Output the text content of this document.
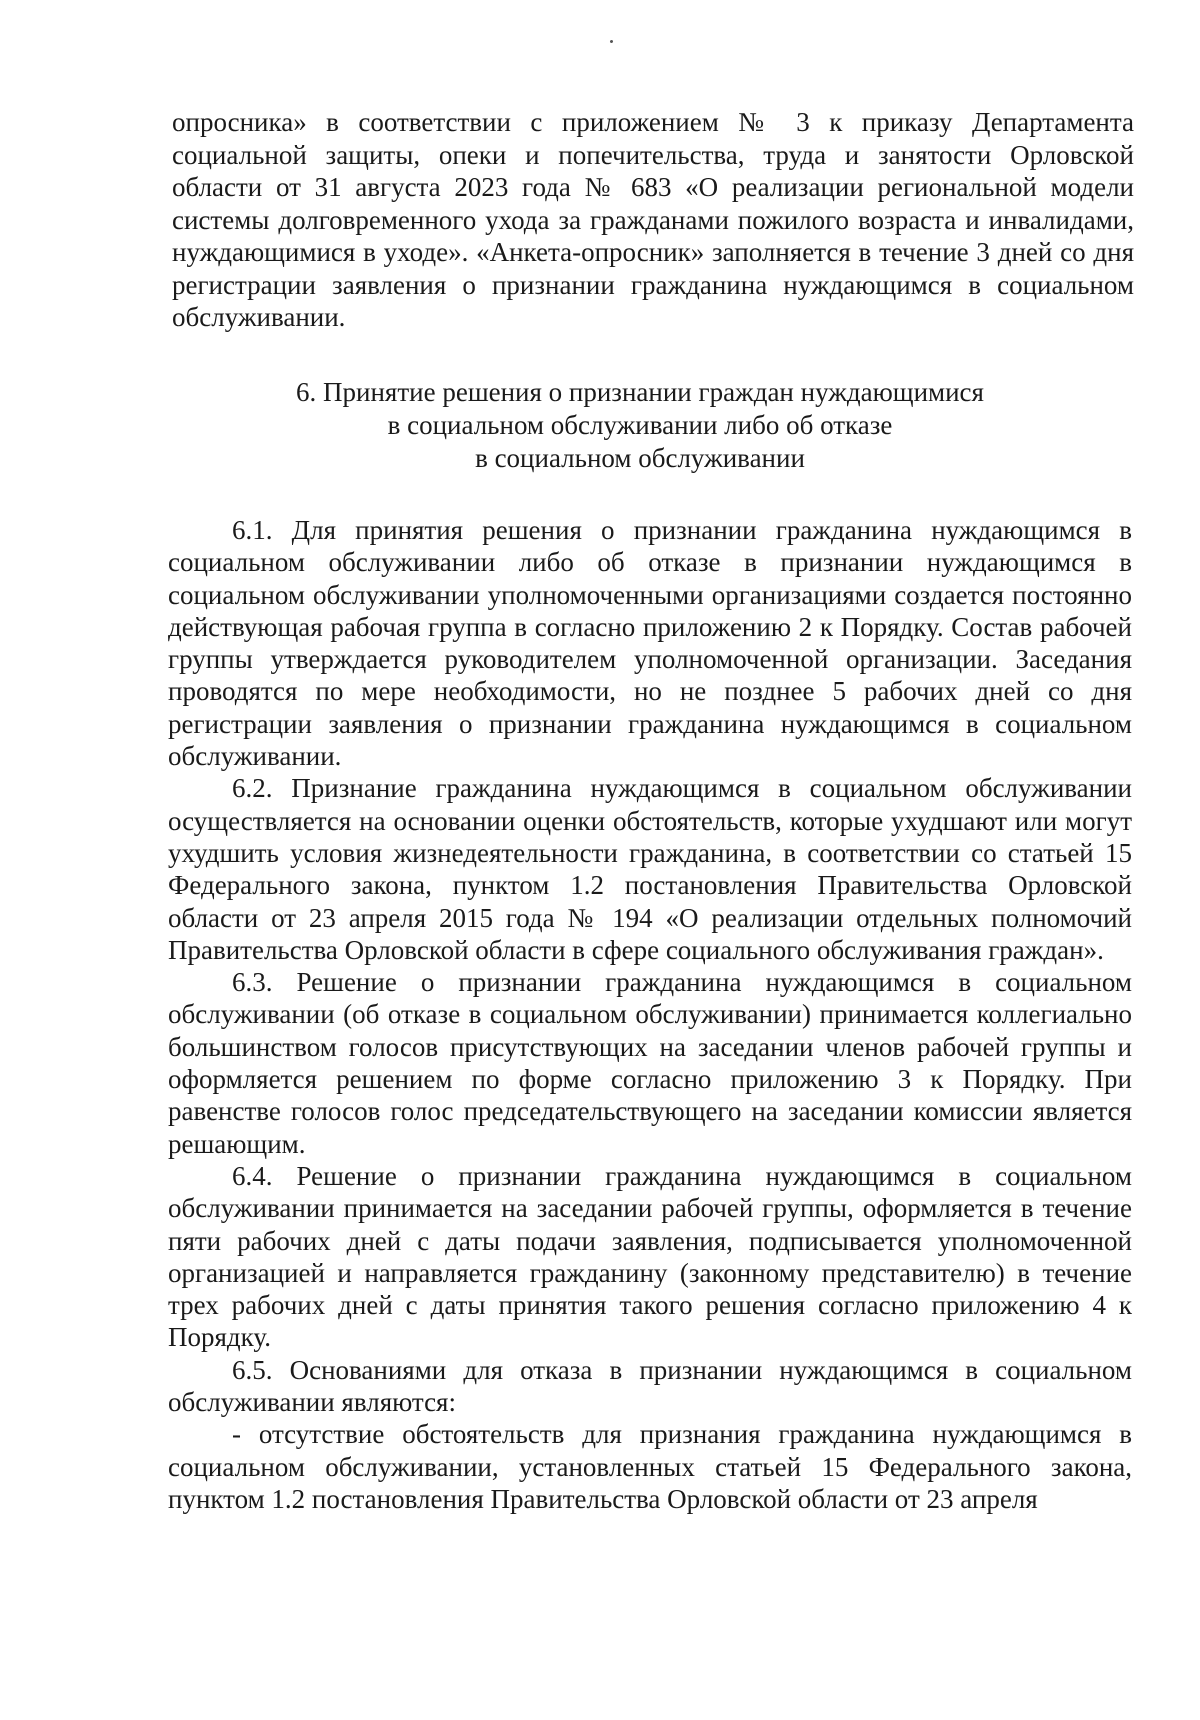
опросника» в соответствии с приложением № 3 к приказу Департамента социальной защиты, опеки и попечительства, труда и занятости Орловской области от 31 августа 2023 года № 683 «О реализации региональной модели системы долговременного ухода за гражданами пожилого возраста и инвалидами, нуждающимися в уходе». «Анкета-опросник» заполняется в течение 3 дней со дня регистрации заявления о признании гражданина нуждающимся в социальном обслуживании.

6. Принятие решения о признании граждан нуждающимися
в социальном обслуживании либо об отказе
в социальном обслуживании

6.1. Для принятия решения о признании гражданина нуждающимся в социальном обслуживании либо об отказе в признании нуждающимся в социальном обслуживании уполномоченными организациями создается постоянно действующая рабочая группа в согласно приложению 2 к Порядку. Состав рабочей группы утверждается руководителем уполномоченной организации. Заседания проводятся по мере необходимости, но не позднее 5 рабочих дней со дня регистрации заявления о признании гражданина нуждающимся в социальном обслуживании.

6.2. Признание гражданина нуждающимся в социальном обслуживании осуществляется на основании оценки обстоятельств, которые ухудшают или могут ухудшить условия жизнедеятельности гражданина, в соответствии со статьей 15 Федерального закона, пунктом 1.2 постановления Правительства Орловской области от 23 апреля 2015 года № 194 «О реализации отдельных полномочий Правительства Орловской области в сфере социального обслуживания граждан».

6.3. Решение о признании гражданина нуждающимся в социальном обслуживании (об отказе в социальном обслуживании) принимается коллегиально большинством голосов присутствующих на заседании членов рабочей группы и оформляется решением по форме согласно приложению 3 к Порядку. При равенстве голосов голос председательствующего на заседании комиссии является решающим.

6.4. Решение о признании гражданина нуждающимся в социальном обслуживании принимается на заседании рабочей группы, оформляется в течение пяти рабочих дней с даты подачи заявления, подписывается уполномоченной организацией и направляется гражданину (законному представителю) в течение трех рабочих дней с даты принятия такого решения согласно приложению 4 к Порядку.

6.5. Основаниями для отказа в признании нуждающимся в социальном обслуживании являются:

- отсутствие обстоятельств для признания гражданина нуждающимся в социальном обслуживании, установленных статьей 15 Федерального закона, пунктом 1.2 постановления Правительства Орловской области от 23 апреля
